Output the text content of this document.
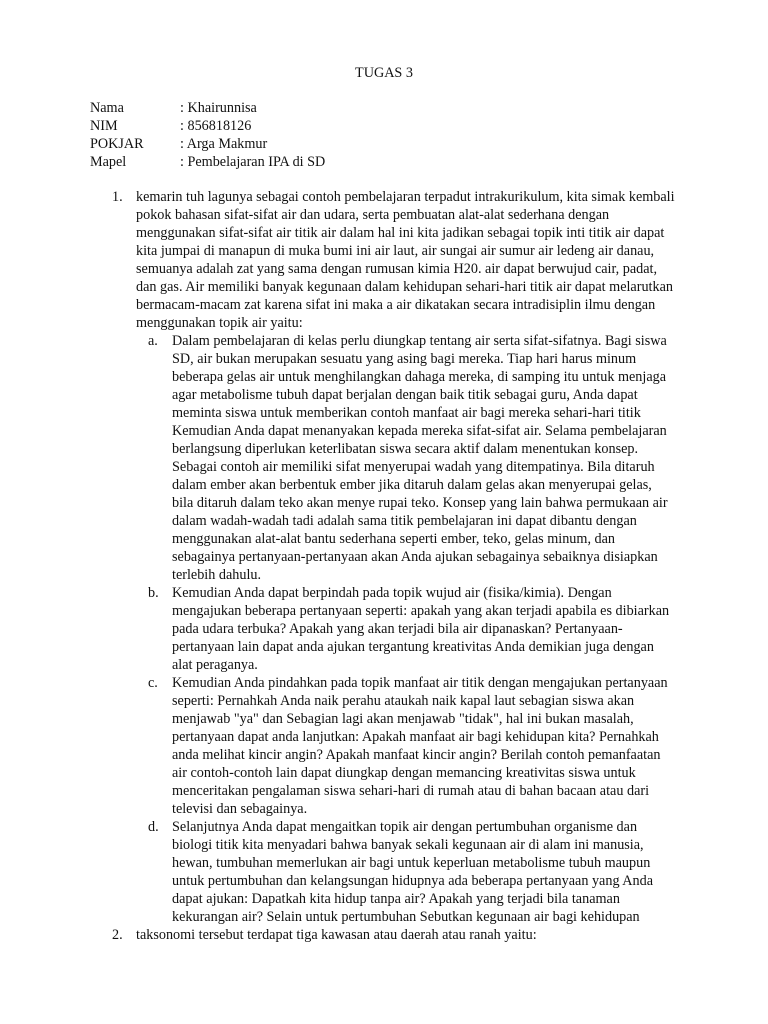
TUGAS 3
Nama	: Khairunnisa
NIM	: 856818126
POKJAR	: Arga Makmur
Mapel	: Pembelajaran IPA di SD
1. kemarin tuh lagunya sebagai contoh pembelajaran terpadut intrakurikulum, kita simak kembali pokok bahasan sifat-sifat air dan udara, serta pembuatan alat-alat sederhana dengan menggunakan sifat-sifat air titik air dalam hal ini kita jadikan sebagai topik inti titik air dapat kita jumpai di manapun di muka bumi ini air laut, air sungai air sumur air ledeng air danau, semuanya adalah zat yang sama dengan rumusan kimia H20. air dapat berwujud cair, padat, dan gas. Air memiliki banyak kegunaan dalam kehidupan sehari-hari titik air dapat melarutkan bermacam-macam zat karena sifat ini maka a air dikatakan secara intradisiplin ilmu dengan menggunakan topik air yaitu:

a. Dalam pembelajaran di kelas perlu diungkap tentang air serta sifat-sifatnya. Bagi siswa SD, air bukan merupakan sesuatu yang asing bagi mereka. Tiap hari harus minum beberapa gelas air untuk menghilangkan dahaga mereka, di samping itu untuk menjaga agar metabolisme tubuh dapat berjalan dengan baik titik sebagai guru, Anda dapat meminta siswa untuk memberikan contoh manfaat air bagi mereka sehari-hari titik Kemudian Anda dapat menanyakan kepada mereka sifat-sifat air. Selama pembelajaran berlangsung diperlukan keterlibatan siswa secara aktif dalam menentukan konsep. Sebagai contoh air memiliki sifat menyerupai wadah yang ditempatinya. Bila ditaruh dalam ember akan berbentuk ember jika ditaruh dalam gelas akan menyerupai gelas, bila ditaruh dalam teko akan menye rupai teko. Konsep yang lain bahwa permukaan air dalam wadah-wadah tadi adalah sama titik pembelajaran ini dapat dibantu dengan menggunakan alat-alat bantu sederhana seperti ember, teko, gelas minum, dan sebagainya pertanyaan-pertanyaan akan Anda ajukan sebagainya sebaiknya disiapkan terlebih dahulu.

b. Kemudian Anda dapat berpindah pada topik wujud air (fisika/kimia). Dengan mengajukan beberapa pertanyaan seperti: apakah yang akan terjadi apabila es dibiarkan pada udara terbuka? Apakah yang akan terjadi bila air dipanaskan? Pertanyaan-pertanyaan lain dapat anda ajukan tergantung kreativitas Anda demikian juga dengan alat peraganya.

c. Kemudian Anda pindahkan pada topik manfaat air titik dengan mengajukan pertanyaan seperti: Pernahkah Anda naik perahu ataukah naik kapal laut sebagian siswa akan menjawab "ya" dan Sebagian lagi akan menjawab "tidak", hal ini bukan masalah, pertanyaan dapat anda lanjutkan: Apakah manfaat air bagi kehidupan kita? Pernahkah anda melihat kincir angin? Apakah manfaat kincir angin? Berilah contoh pemanfaatan air contoh-contoh lain dapat diungkap dengan memancing kreativitas siswa untuk menceritakan pengalaman siswa sehari-hari di rumah atau di bahan bacaan atau dari televisi dan sebagainya.

d. Selanjutnya Anda dapat mengaitkan topik air dengan pertumbuhan organisme dan biologi titik kita menyadari bahwa banyak sekali kegunaan air di alam ini manusia, hewan, tumbuhan memerlukan air bagi untuk keperluan metabolisme tubuh maupun untuk pertumbuhan dan kelangsungan hidupnya ada beberapa pertanyaan yang Anda dapat ajukan: Dapatkah kita hidup tanpa air? Apakah yang terjadi bila tanaman kekurangan air? Selain untuk pertumbuhan Sebutkan kegunaan air bagi kehidupan

2. taksonomi tersebut terdapat tiga kawasan atau daerah atau ranah yaitu:
